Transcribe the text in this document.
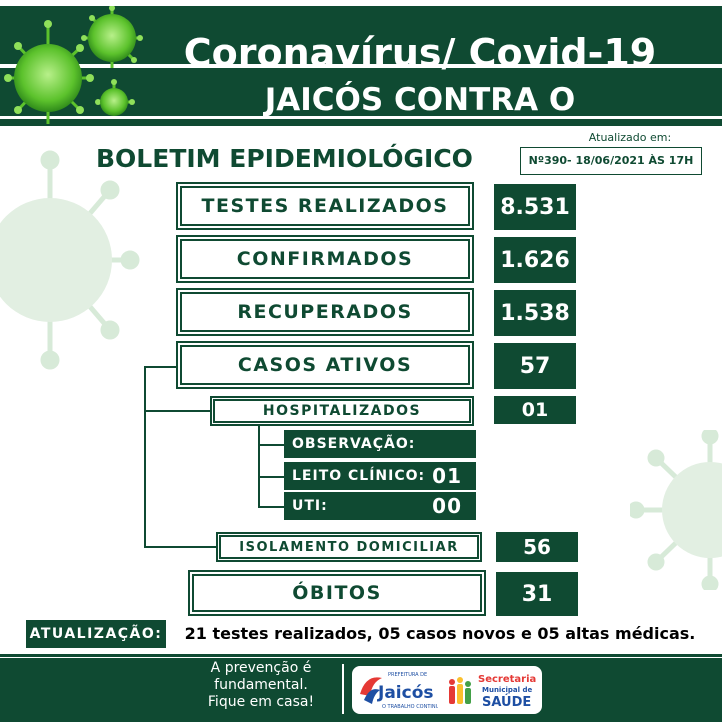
Coronavírus/ Covid-19
JAICÓS CONTRA O
BOLETIM EPIDEMIOLÓGICO
Atualizado em:
Nº390- 18/06/2021 ÀS 17H
TESTES REALIZADOS	8.531
CONFIRMADOS	1.626
RECUPERADOS	1.538
CASOS ATIVOS	57
HOSPITALIZADOS	01
OBSERVAÇÃO:
LEITO CLÍNICO: 01
UTI:	00
ISOLAMENTO DOMICILIAR	56
ÓBITOS	31
ATUALIZAÇÃO:	21 testes realizados, 05 casos novos e 05 altas médicas.
A prevenção é
fundamental.
Fique em casa!
PREFEITURA DE
Jaicós
O TRABALHO CONTINUA
Secretaria
Municipal de
SAÚDE
